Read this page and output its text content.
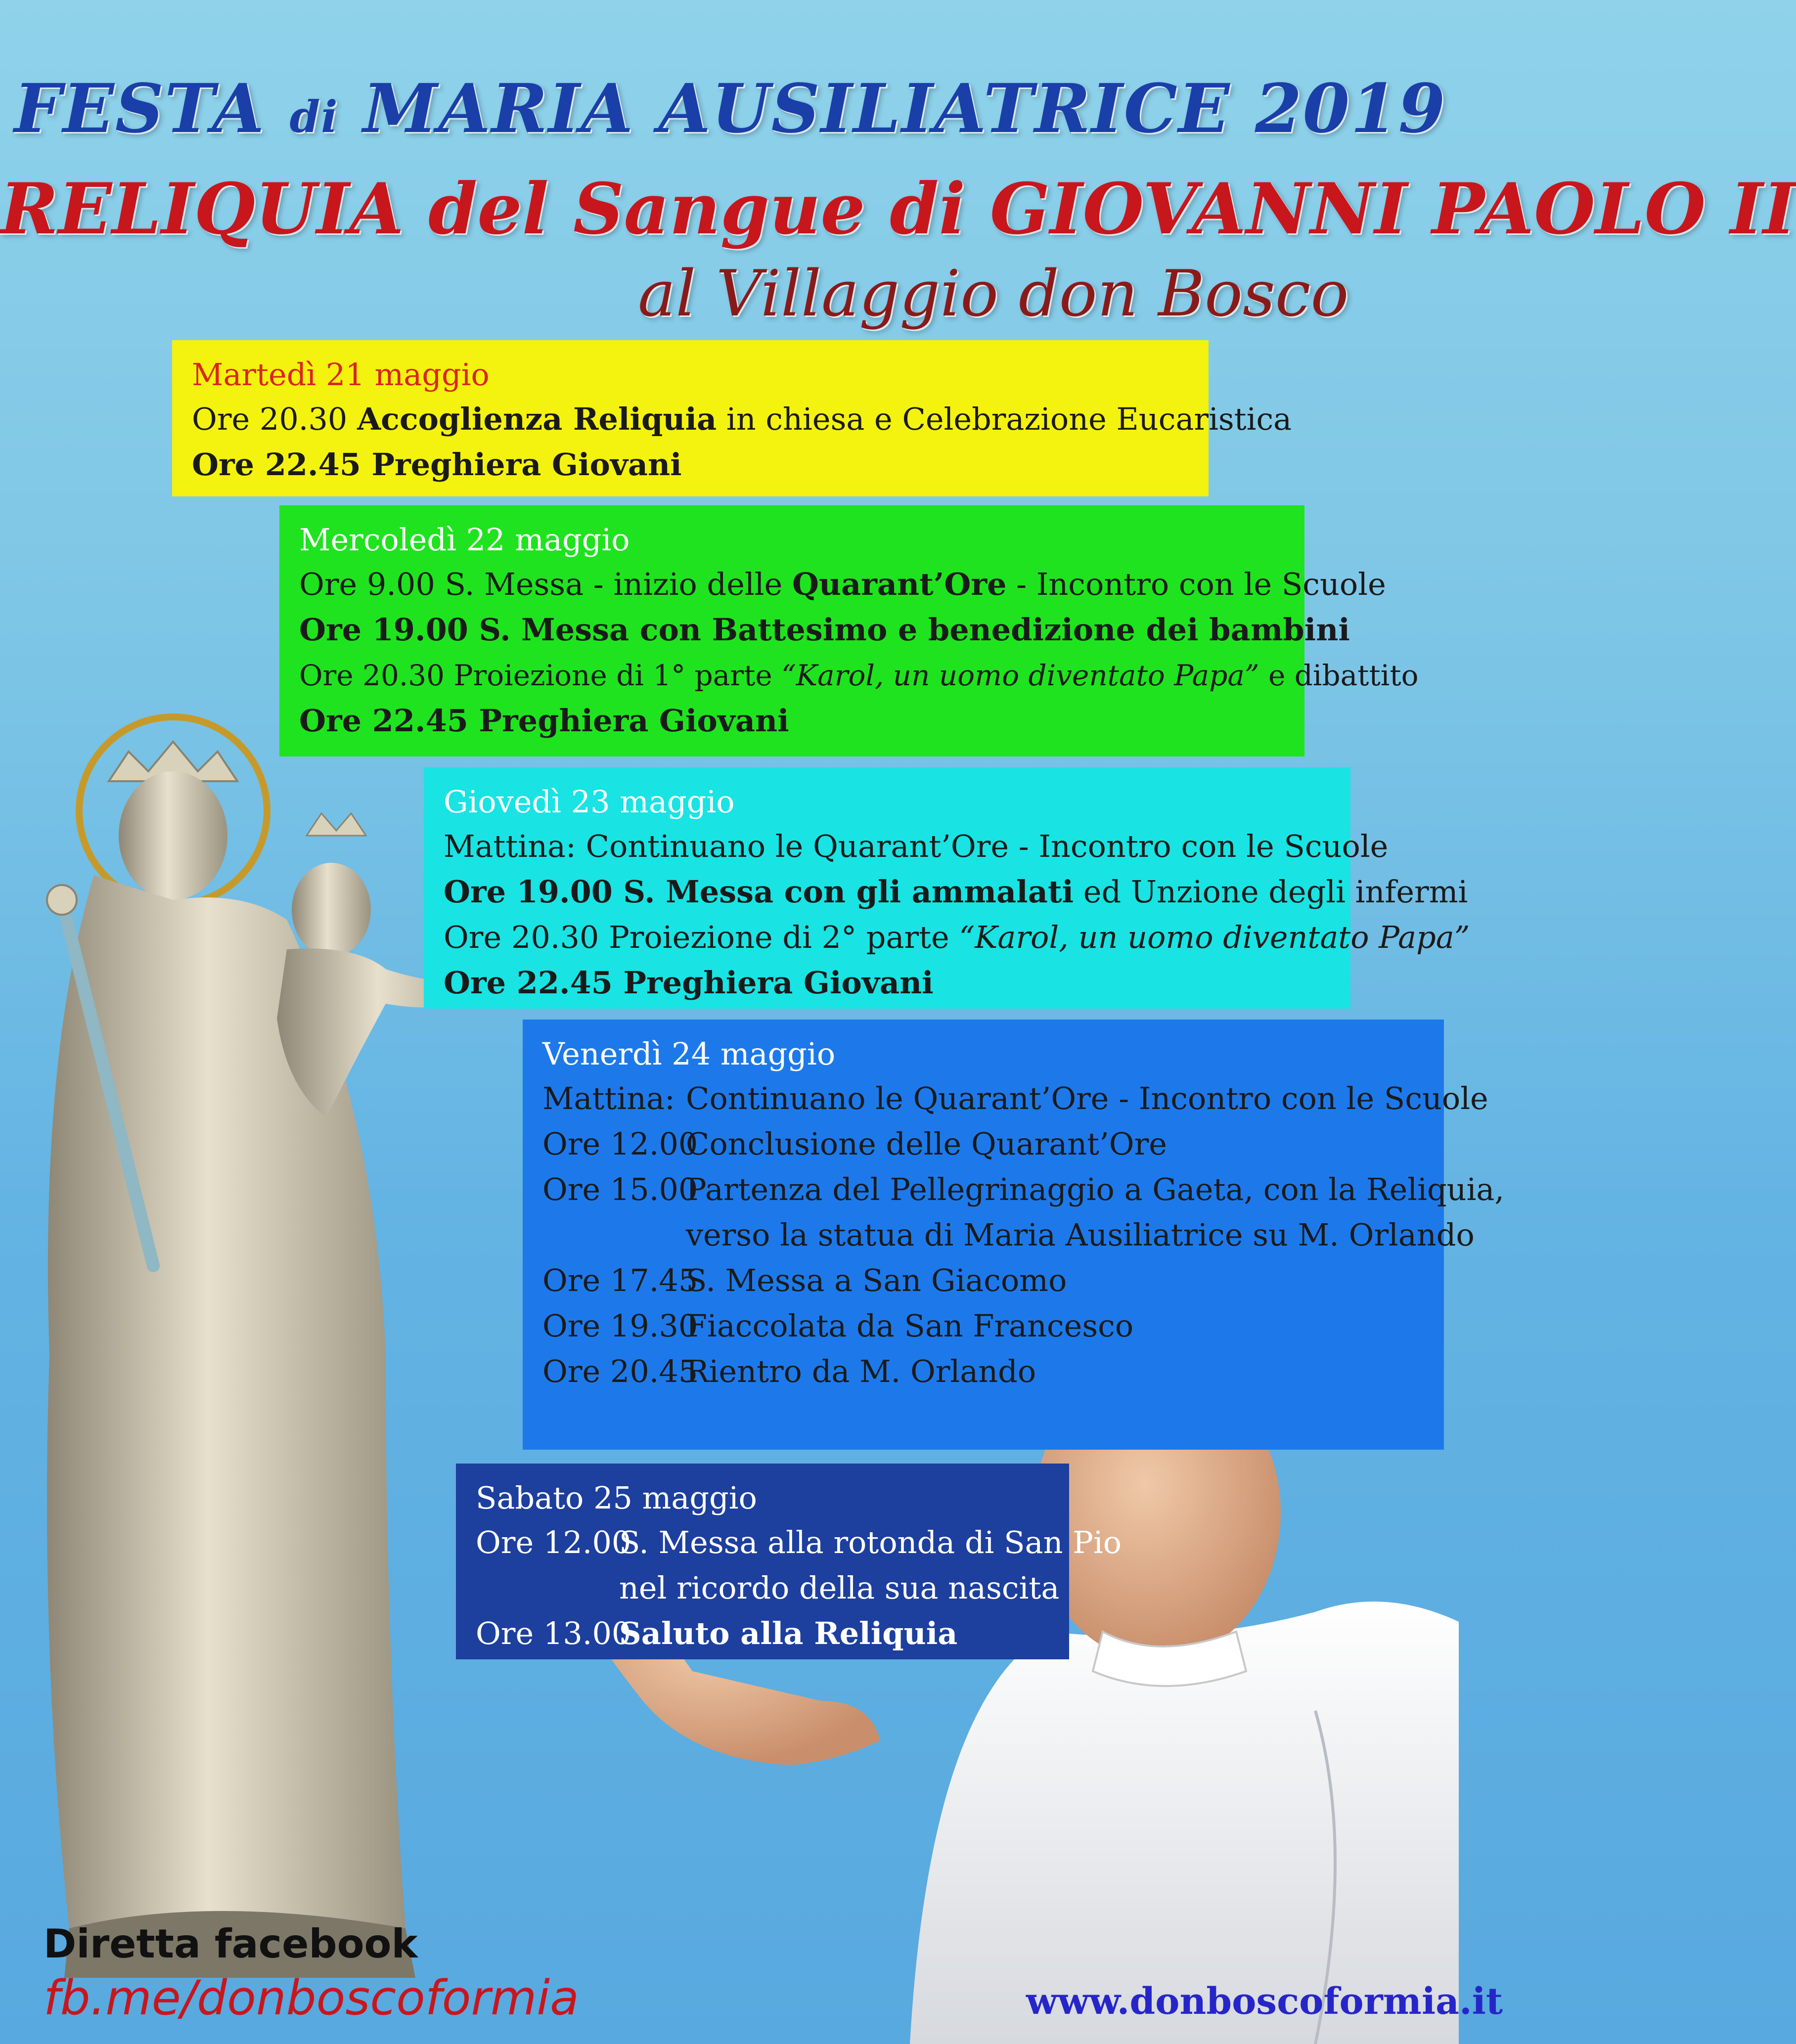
FESTA di MARIA AUSILIATRICE 2019
RELIQUIA del Sangue di GIOVANNI PAOLO II
al Villaggio don Bosco
Martedì 21 maggio
Ore 20.30 Accoglienza Reliquia in chiesa e Celebrazione Eucaristica
Ore 22.45 Preghiera Giovani
Mercoledì 22 maggio
Ore 9.00 S. Messa - inizio delle Quarant’Ore - Incontro con le Scuole
Ore 19.00 S. Messa con Battesimo e benedizione dei bambini
Ore 20.30 Proiezione di 1° parte “Karol, un uomo diventato Papa” e dibattito
Ore 22.45 Preghiera Giovani
Giovedì 23 maggio
Mattina: Continuano le Quarant’Ore - Incontro con le Scuole
Ore 19.00 S. Messa con gli ammalati ed Unzione degli infermi
Ore 20.30 Proiezione di 2° parte “Karol, un uomo diventato Papa”
Ore 22.45 Preghiera Giovani
Venerdì 24 maggio
Mattina: Continuano le Quarant’Ore - Incontro con le Scuole
Ore 12.00
Conclusione delle Quarant’Ore
Ore 15.00
Partenza del Pellegrinaggio a Gaeta, con la Reliquia,
verso la statua di Maria Ausiliatrice su M. Orlando
Ore 17.45
S. Messa a San Giacomo
Ore 19.30
Fiaccolata da San Francesco
Ore 20.45
Rientro da M. Orlando
Sabato 25 maggio
Ore 12.00
S. Messa alla rotonda di San Pio
nel ricordo della sua nascita
Ore 13.00
Saluto alla Reliquia
Diretta facebook
fb.me/donboscoformia	www.donboscoformia.it
